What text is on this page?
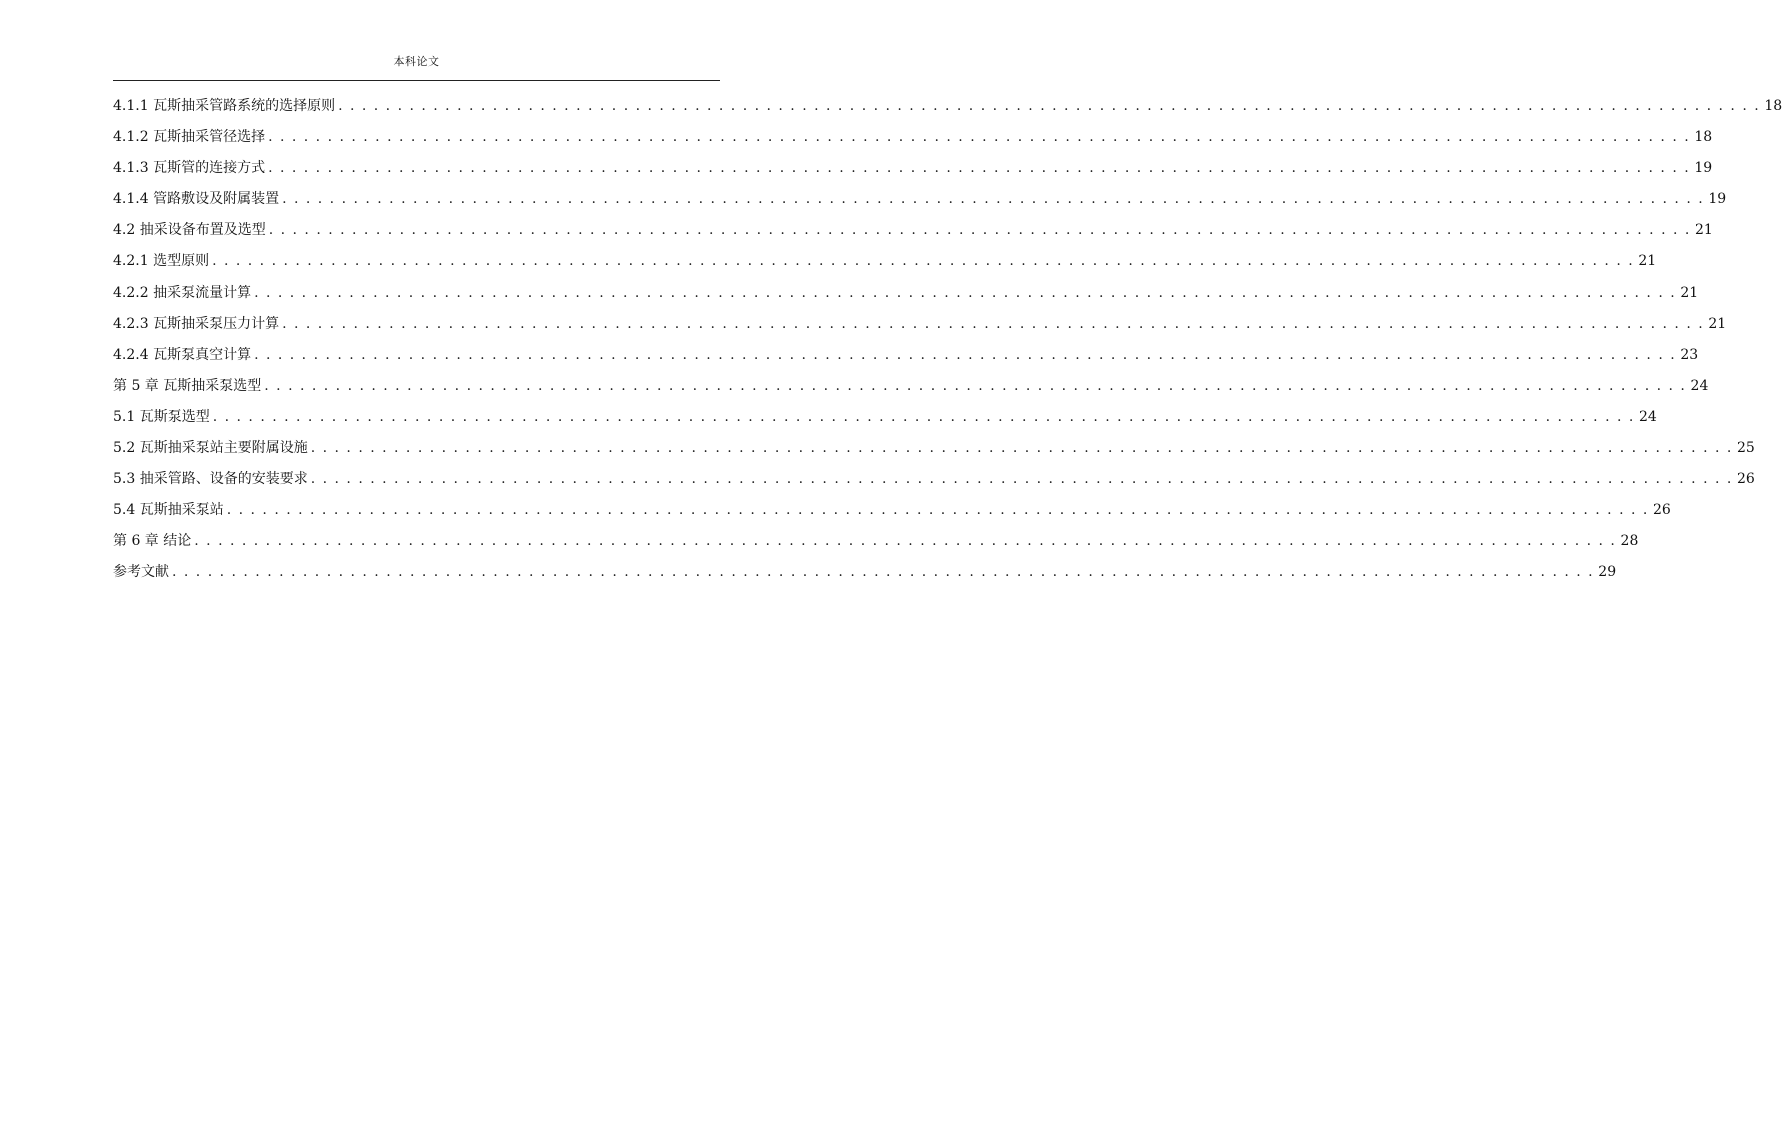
本科论文
4.1.1 瓦斯抽采管路系统的选择原则 . . . . . . . . . . . . . . . . . . . . . . . . . . . . . . . . . . . . . . . . . . . . . . . . . . . . . . . . . . . . . . . . . . . . . . . . . . . . . . . . . . . . . . . . . . . . . . . . . . . . . . . . . . . . . . . . . . . . . . . . 18
4.1.2 瓦斯抽采管径选择 . . . . . . . . . . . . . . . . . . . . . . . . . . . . . . . . . . . . . . . . . . . . . . . . . . . . . . . . . . . . . . . . . . . . . . . . . . . . . . . . . . . . . . . . . . . . . . . . . . . . . . . . . . . . . . . . . . . . . . . . 18
4.1.3 瓦斯管的连接方式 . . . . . . . . . . . . . . . . . . . . . . . . . . . . . . . . . . . . . . . . . . . . . . . . . . . . . . . . . . . . . . . . . . . . . . . . . . . . . . . . . . . . . . . . . . . . . . . . . . . . . . . . . . . . . . . . . . . . . . . . 19
4.1.4 管路敷设及附属装置 . . . . . . . . . . . . . . . . . . . . . . . . . . . . . . . . . . . . . . . . . . . . . . . . . . . . . . . . . . . . . . . . . . . . . . . . . . . . . . . . . . . . . . . . . . . . . . . . . . . . . . . . . . . . . . . . . . . . . . . . 19
4.2 抽采设备布置及选型 . . . . . . . . . . . . . . . . . . . . . . . . . . . . . . . . . . . . . . . . . . . . . . . . . . . . . . . . . . . . . . . . . . . . . . . . . . . . . . . . . . . . . . . . . . . . . . . . . . . . . . . . . . . . . . . . . . . . . . . . 21
4.2.1 选型原则 . . . . . . . . . . . . . . . . . . . . . . . . . . . . . . . . . . . . . . . . . . . . . . . . . . . . . . . . . . . . . . . . . . . . . . . . . . . . . . . . . . . . . . . . . . . . . . . . . . . . . . . . . . . . . . . . . . . . . . . . 21
4.2.2 抽采泵流量计算 . . . . . . . . . . . . . . . . . . . . . . . . . . . . . . . . . . . . . . . . . . . . . . . . . . . . . . . . . . . . . . . . . . . . . . . . . . . . . . . . . . . . . . . . . . . . . . . . . . . . . . . . . . . . . . . . . . . . . . . . 21
4.2.3 瓦斯抽采泵压力计算 . . . . . . . . . . . . . . . . . . . . . . . . . . . . . . . . . . . . . . . . . . . . . . . . . . . . . . . . . . . . . . . . . . . . . . . . . . . . . . . . . . . . . . . . . . . . . . . . . . . . . . . . . . . . . . . . . . . . . . . . 21
4.2.4 瓦斯泵真空计算 . . . . . . . . . . . . . . . . . . . . . . . . . . . . . . . . . . . . . . . . . . . . . . . . . . . . . . . . . . . . . . . . . . . . . . . . . . . . . . . . . . . . . . . . . . . . . . . . . . . . . . . . . . . . . . . . . . . . . . . . 23
第 5 章 瓦斯抽采泵选型 . . . . . . . . . . . . . . . . . . . . . . . . . . . . . . . . . . . . . . . . . . . . . . . . . . . . . . . . . . . . . . . . . . . . . . . . . . . . . . . . . . . . . . . . . . . . . . . . . . . . . . . . . . . . . . . . . . . . . . . . 24
5.1 瓦斯泵选型 . . . . . . . . . . . . . . . . . . . . . . . . . . . . . . . . . . . . . . . . . . . . . . . . . . . . . . . . . . . . . . . . . . . . . . . . . . . . . . . . . . . . . . . . . . . . . . . . . . . . . . . . . . . . . . . . . . . . . . . . 24
5.2 瓦斯抽采泵站主要附属设施 . . . . . . . . . . . . . . . . . . . . . . . . . . . . . . . . . . . . . . . . . . . . . . . . . . . . . . . . . . . . . . . . . . . . . . . . . . . . . . . . . . . . . . . . . . . . . . . . . . . . . . . . . . . . . . . . . . . . . . . . 25
5.3 抽采管路、设备的安装要求 . . . . . . . . . . . . . . . . . . . . . . . . . . . . . . . . . . . . . . . . . . . . . . . . . . . . . . . . . . . . . . . . . . . . . . . . . . . . . . . . . . . . . . . . . . . . . . . . . . . . . . . . . . . . . . . . . . . . . . . . 26
5.4 瓦斯抽采泵站 . . . . . . . . . . . . . . . . . . . . . . . . . . . . . . . . . . . . . . . . . . . . . . . . . . . . . . . . . . . . . . . . . . . . . . . . . . . . . . . . . . . . . . . . . . . . . . . . . . . . . . . . . . . . . . . . . . . . . . . . 26
第 6 章 结论 . . . . . . . . . . . . . . . . . . . . . . . . . . . . . . . . . . . . . . . . . . . . . . . . . . . . . . . . . . . . . . . . . . . . . . . . . . . . . . . . . . . . . . . . . . . . . . . . . . . . . . . . . . . . . . . . . . . . . . . . 28
参考文献 . . . . . . . . . . . . . . . . . . . . . . . . . . . . . . . . . . . . . . . . . . . . . . . . . . . . . . . . . . . . . . . . . . . . . . . . . . . . . . . . . . . . . . . . . . . . . . . . . . . . . . . . . . . . . . . . . . . . . . . . 29
